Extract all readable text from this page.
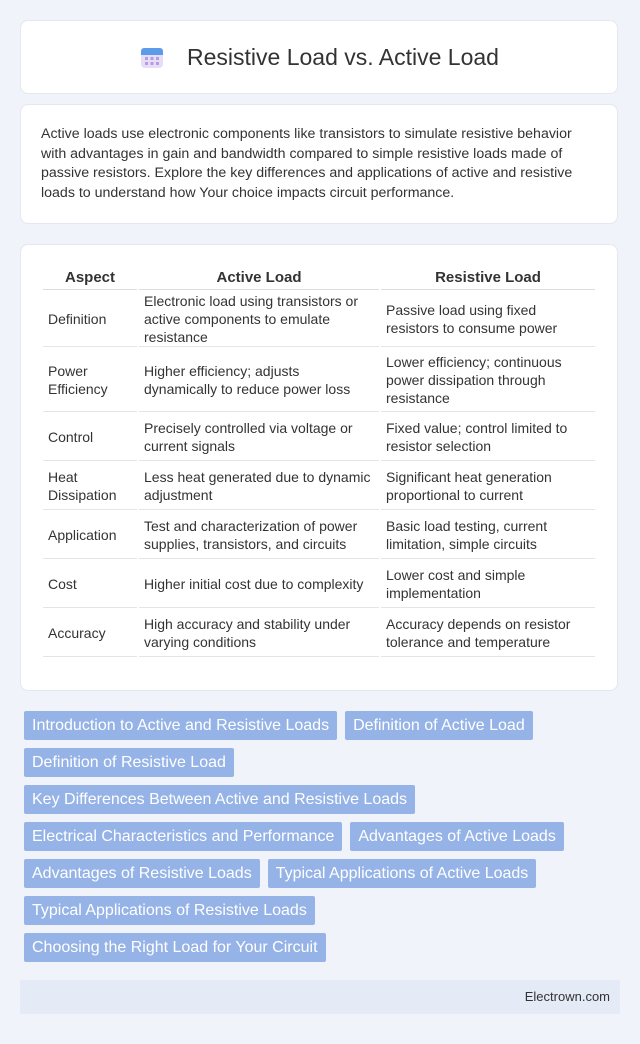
Resistive Load vs. Active Load

Active loads use electronic components like transistors to simulate resistive behavior with advantages in gain and bandwidth compared to simple resistive loads made of passive resistors. Explore the key differences and applications of active and resistive loads to understand how Your choice impacts circuit performance.

Aspect	Active Load	Resistive Load
Definition	Electronic load using transistors or active components to emulate resistance	Passive load using fixed resistors to consume power
Power Efficiency	Higher efficiency; adjusts dynamically to reduce power loss	Lower efficiency; continuous power dissipation through resistance
Control	Precisely controlled via voltage or current signals	Fixed value; control limited to resistor selection
Heat Dissipation	Less heat generated due to dynamic adjustment	Significant heat generation proportional to current
Application	Test and characterization of power supplies, transistors, and circuits	Basic load testing, current limitation, simple circuits
Cost	Higher initial cost due to complexity	Lower cost and simple implementation
Accuracy	High accuracy and stability under varying conditions	Accuracy depends on resistor tolerance and temperature
Introduction to Active and Resistive Loads Definition of Active Load Definition of Resistive Load Key Differences Between Active and Resistive Loads Electrical Characteristics and Performance Advantages of Active Loads Advantages of Resistive Loads Typical Applications of Active Loads Typical Applications of Resistive Loads Choosing the Right Load for Your Circuit
Electrown.com
